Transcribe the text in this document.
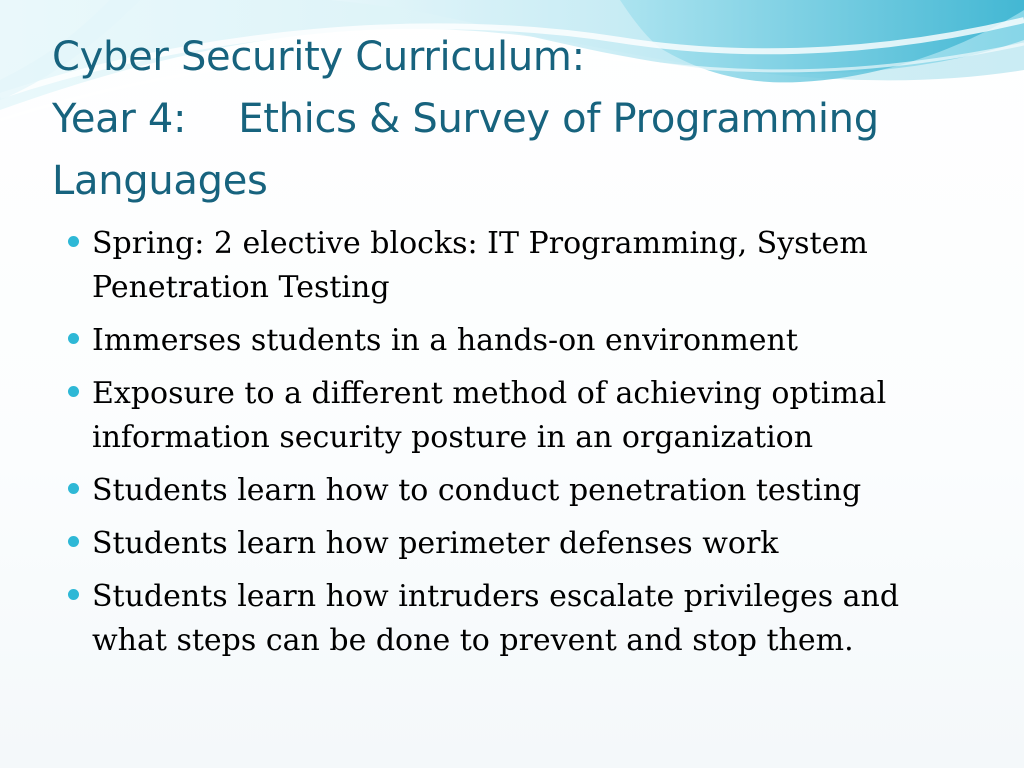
Cyber Security Curriculum:
Year 4: Ethics & Survey of Programming
Languages
Spring: 2 elective blocks: IT Programming, System Penetration Testing
Immerses students in a hands-on environment
Exposure to a different method of achieving optimal information security posture in an organization
Students learn how to conduct penetration testing
Students learn how perimeter defenses work
Students learn how intruders escalate privileges and what steps can be done to prevent and stop them.
